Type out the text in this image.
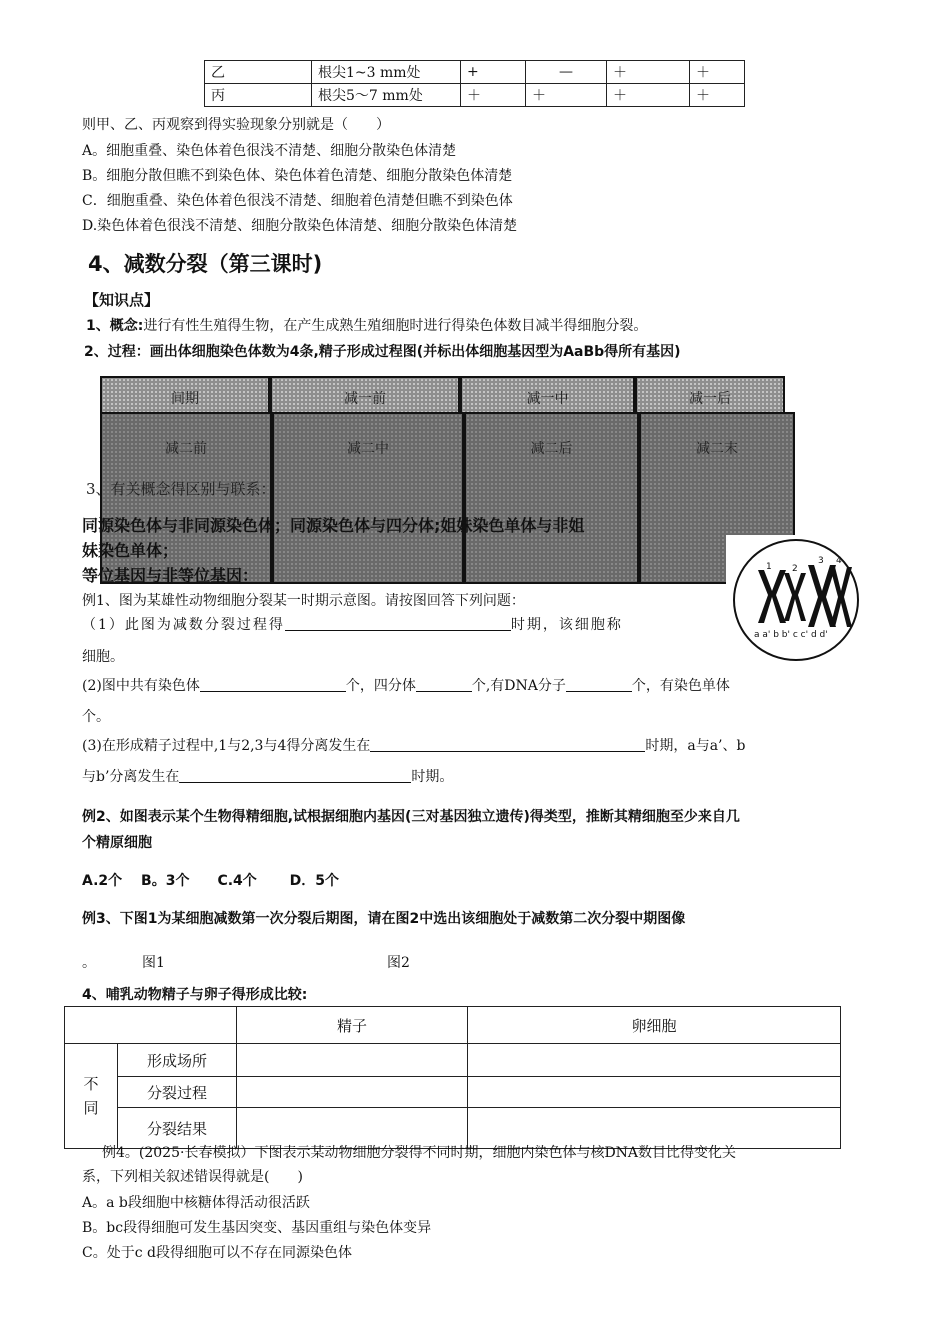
乙	根尖1~3 mm处	+	—	＋	＋
丙	根尖5～7 mm处	＋	＋	＋	＋
则甲、乙、丙观察到得实验现象分别就是（　　）
A。细胞重叠、染色体着色很浅不清楚、细胞分散染色体清楚
B。细胞分散但瞧不到染色体、染色体着色清楚、细胞分散染色体清楚
C．细胞重叠、染色体着色很浅不清楚、细胞着色清楚但瞧不到染色体
D.染色体着色很浅不清楚、细胞分散染色体清楚、细胞分散染色体清楚
4、减数分裂（第三课时)
【知识点】
1、概念:进行有性生殖得生物，在产生成熟生殖细胞时进行得染色体数目减半得细胞分裂。
2、过程：画出体细胞染色体数为4条,精子形成过程图(并标出体细胞基因型为AaBb得所有基因)
间期	减一前	减一中	减一后
减二前	减二中	减二后	减二末
3、有关概念得区别与联系：
同源染色体与非同源染色体；同源染色体与四分体;姐妹染色单体与非姐
妹染色单体；
等位基因与非等位基因：	1 2
3 4
a a' b b' c c' d d'
例1、图为某雄性动物细胞分裂某一时期示意图。请按图回答下列问题：
（1）此图为减数分裂过程得	时期，该细胞称
细胞。
(2)图中共有染色体	个，四分体	个,有DNA分子	个，有染色单体
个。
(3)在形成精子过程中,1与2,3与4得分离发生在	时期，a与a’、b
与b’分离发生在	时期。
例2、如图表示某个生物得精细胞,试根据细胞内基因(三对基因独立遗传)得类型，推断其精细胞至少来自几
个精原细胞
A.2个　 B。3个　　C.4个　　 D．5个
例3、下图1为某细胞减数第一次分裂后期图，请在图2中选出该细胞处于减数第二次分裂中期图像
。	图1	图2
4、哺乳动物精子与卵子得形成比较:
		精子	卵细胞
不同	形成场所		
	分裂过程		
	分裂结果		
例4。(2025·长春模拟）下图表示某动物细胞分裂得不同时期，细胞内染色体与核DNA数目比得变化关
系，下列相关叙述错误得就是(　　)
A。a b段细胞中核糖体得活动很活跃
B。bc段得细胞可发生基因突变、基因重组与染色体变异
C。处于c d段得细胞可以不存在同源染色体
